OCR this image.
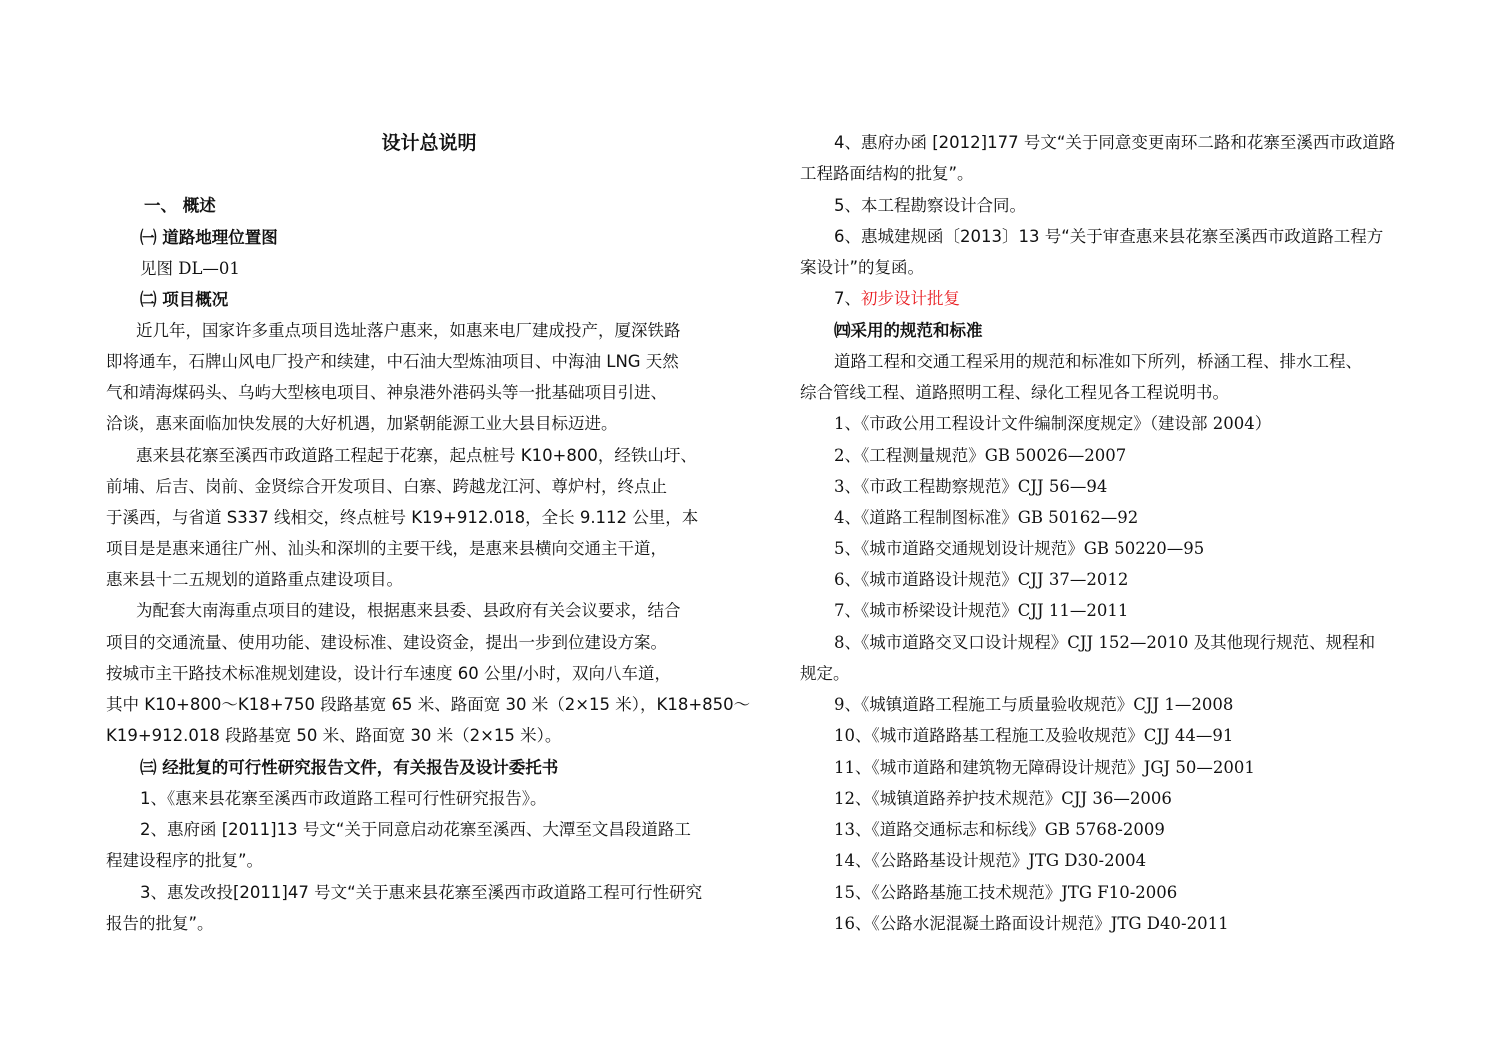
设计总说明
一、 概述
㈠ 道路地理位置图
见图 DL—01
㈡ 项目概况
近几年，国家许多重点项目选址落户惠来，如惠来电厂建成投产，厦深铁路
即将通车，石牌山风电厂投产和续建，中石油大型炼油项目、中海油 LNG 天然
气和靖海煤码头、乌屿大型核电项目、神泉港外港码头等一批基础项目引进、
洽谈，惠来面临加快发展的大好机遇，加紧朝能源工业大县目标迈进。
惠来县花寨至溪西市政道路工程起于花寨，起点桩号 K10+800，经铁山圩、
前埔、后吉、岗前、金贤综合开发项目、白寨、跨越龙江河、尊炉村，终点止
于溪西，与省道 S337 线相交，终点桩号 K19+912.018，全长 9.112 公里，本
项目是是惠来通往广州、汕头和深圳的主要干线，是惠来县横向交通主干道，
惠来县十二五规划的道路重点建设项目。
为配套大南海重点项目的建设，根据惠来县委、县政府有关会议要求，结合
项目的交通流量、使用功能、建设标准、建设资金，提出一步到位建设方案。
按城市主干路技术标准规划建设，设计行车速度 60 公里/小时，双向八车道，
其中 K10+800～K18+750 段路基宽 65 米、路面宽 30 米（2×15 米），K18+850～
K19+912.018 段路基宽 50 米、路面宽 30 米（2×15 米）。
㈢ 经批复的可行性研究报告文件，有关报告及设计委托书
1、《惠来县花寨至溪西市政道路工程可行性研究报告》。
2、惠府函 [2011]13 号文“关于同意启动花寨至溪西、大潭至文昌段道路工
程建设程序的批复”。
3、惠发改投[2011]47 号文“关于惠来县花寨至溪西市政道路工程可行性研究
报告的批复”。
4、惠府办函 [2012]177 号文“关于同意变更南环二路和花寨至溪西市政道路
工程路面结构的批复”。
5、本工程勘察设计合同。
6、惠城建规函〔2013〕13 号“关于审查惠来县花寨至溪西市政道路工程方
案设计”的复函。
7、初步设计批复
㈣采用的规范和标准
道路工程和交通工程采用的规范和标准如下所列，桥涵工程、排水工程、
综合管线工程、道路照明工程、绿化工程见各工程说明书。
1、《市政公用工程设计文件编制深度规定》（建设部 2004）
2、《工程测量规范》GB 50026—2007
3、《市政工程勘察规范》CJJ 56—94
4、《道路工程制图标准》GB 50162—92
5、《城市道路交通规划设计规范》GB 50220—95
6、《城市道路设计规范》CJJ 37—2012
7、《城市桥梁设计规范》CJJ 11—2011
8、《城市道路交叉口设计规程》CJJ 152—2010 及其他现行规范、规程和
规定。
9、《城镇道路工程施工与质量验收规范》CJJ 1—2008
10、《城市道路路基工程施工及验收规范》CJJ 44—91
11、《城市道路和建筑物无障碍设计规范》JGJ 50—2001
12、《城镇道路养护技术规范》CJJ 36—2006
13、《道路交通标志和标线》GB 5768-2009
14、《公路路基设计规范》JTG D30-2004
15、《公路路基施工技术规范》JTG F10-2006
16、《公路水泥混凝土路面设计规范》JTG D40-2011
